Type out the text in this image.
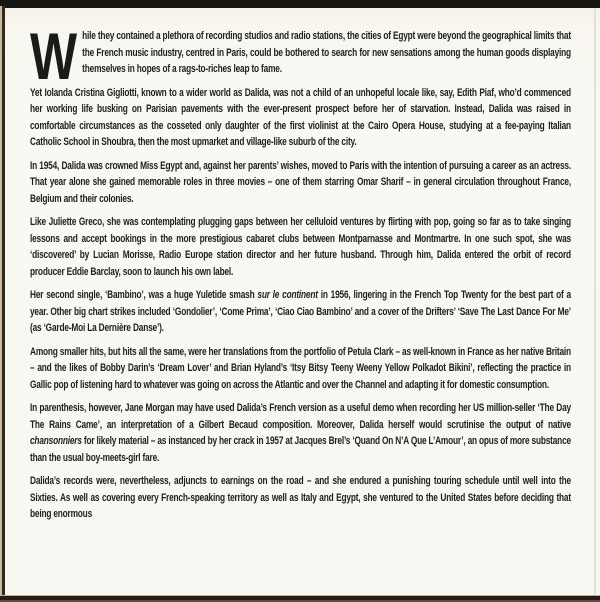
While they contained a plethora of recording studios and radio stations, the cities of Egypt were beyond the geographical limits that the French music industry, centred in Paris, could be bothered to search for new sensations among the human goods displaying themselves in hopes of a rags-to-riches leap to fame.

Yet Iolanda Cristina Gigliotti, known to a wider world as Dalida, was not a child of an unhopeful locale like, say, Edith Piaf, who’d commenced her working life busking on Parisian pavements with the ever-present prospect before her of starvation. Instead, Dalida was raised in comfortable circumstances as the cosseted only daughter of the first violinist at the Cairo Opera House, studying at a fee-paying Italian Catholic School in Shoubra, then the most upmarket and village-like suburb of the city.

In 1954, Dalida was crowned Miss Egypt and, against her parents’ wishes, moved to Paris with the intention of pursuing a career as an actress. That year alone she gained memorable roles in three movies – one of them starring Omar Sharif – in general circulation throughout France, Belgium and their colonies.

Like Juliette Greco, she was contemplating plugging gaps between her celluloid ventures by flirting with pop, going so far as to take singing lessons and accept bookings in the more prestigious cabaret clubs between Montparnasse and Montmartre. In one such spot, she was ‘discovered’ by Lucian Morisse, Radio Europe station director and her future husband. Through him, Dalida entered the orbit of record producer Eddie Barclay, soon to launch his own label.

Her second single, ‘Bambino’, was a huge Yuletide smash sur le continent in 1956, lingering in the French Top Twenty for the best part of a year. Other big chart strikes included ‘Gondolier’, ‘Come Prima’, ‘Ciao Ciao Bambino’ and a cover of the Drifters’ ‘Save The Last Dance For Me’ (as ‘Garde-Moi La Dernière Danse’).

Among smaller hits, but hits all the same, were her translations from the portfolio of Petula Clark – as well-known in France as her native Britain – and the likes of Bobby Darin’s ‘Dream Lover’ and Brian Hyland’s ‘Itsy Bitsy Teeny Weeny Yellow Polkadot Bikini’, reflecting the practice in Gallic pop of listening hard to whatever was going on across the Atlantic and over the Channel and adapting it for domestic consumption.

In parenthesis, however, Jane Morgan may have used Dalida’s French version as a useful demo when recording her US million-seller ‘The Day The Rains Came’, an interpretation of a Gilbert Becaud composition. Moreover, Dalida herself would scrutinise the output of native chansonniers for likely material – as instanced by her crack in 1957 at Jacques Brel’s ‘Quand On N’A Que L’Amour’, an opus of more substance than the usual boy-meets-girl fare.

Dalida’s records were, nevertheless, adjuncts to earnings on the road – and she endured a punishing touring schedule until well into the Sixties. As well as covering every French-speaking territory as well as Italy and Egypt, she ventured to the United States before deciding that being enormous
